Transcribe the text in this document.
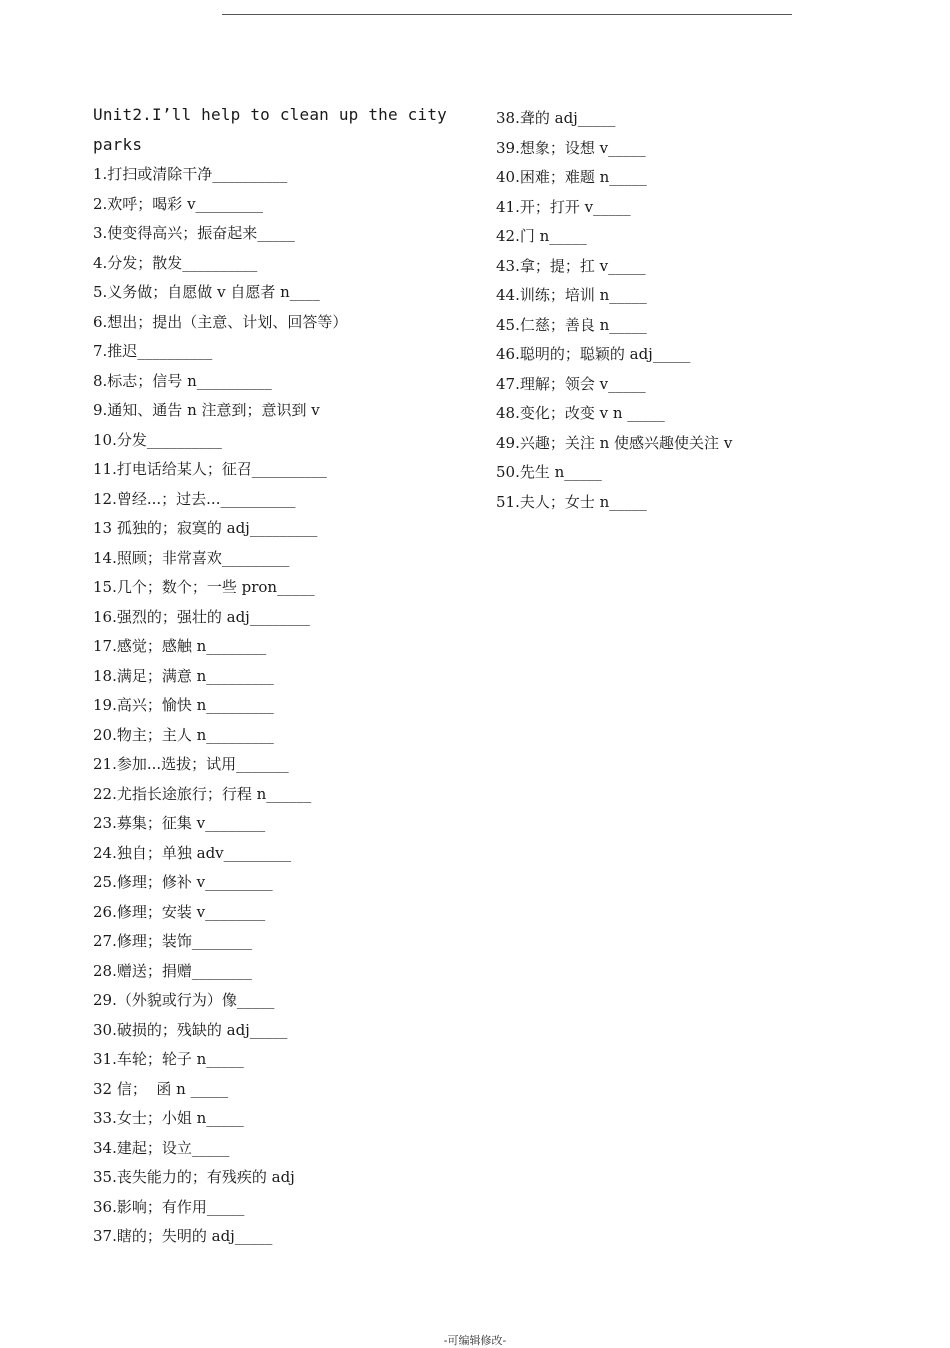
Unit2.I’ll help to clean up the city
parks
1.打扫或清除干净__________
2.欢呼；喝彩 v_________
3.使变得高兴；振奋起来_____
4.分发；散发__________
5.义务做；自愿做 v 自愿者 n____
6.想出；提出（主意、计划、回答等）
7.推迟__________
8.标志；信号 n__________
9.通知、通告 n 注意到；意识到 v
10.分发__________
11.打电话给某人；征召__________
12.曾经...；过去...__________
13 孤独的；寂寞的 adj_________
14.照顾；非常喜欢_________
15.几个；数个；一些 pron_____
16.强烈的；强壮的 adj________
17.感觉；感触 n________
18.满足；满意 n_________
19.高兴；愉快 n_________
20.物主；主人 n_________
21.参加...选拔；试用_______
22.尤指长途旅行；行程 n______
23.募集；征集 v________
24.独自；单独 adv_________
25.修理；修补 v_________
26.修理；安装 v________
27.修理；装饰________
28.赠送；捐赠________
29.（外貌或行为）像_____
30.破损的；残缺的 adj_____
31.车轮；轮子 n_____
32 信；  函 n _____
33.女士；小姐 n_____
34.建起；设立_____
35.丧失能力的；有残疾的 adj
36.影响；有作用_____
37.瞎的；失明的 adj_____
38.聋的 adj_____
39.想象；设想 v_____
40.困难；难题 n_____
41.开；打开 v_____
42.门 n_____
43.拿；提；扛 v_____
44.训练；培训 n_____
45.仁慈；善良 n_____
46.聪明的；聪颖的 adj_____
47.理解；领会 v_____
48.变化；改变 v n _____
49.兴趣；关注 n 使感兴趣使关注 v
50.先生 n_____
51.夫人；女士 n_____
-可编辑修改-
